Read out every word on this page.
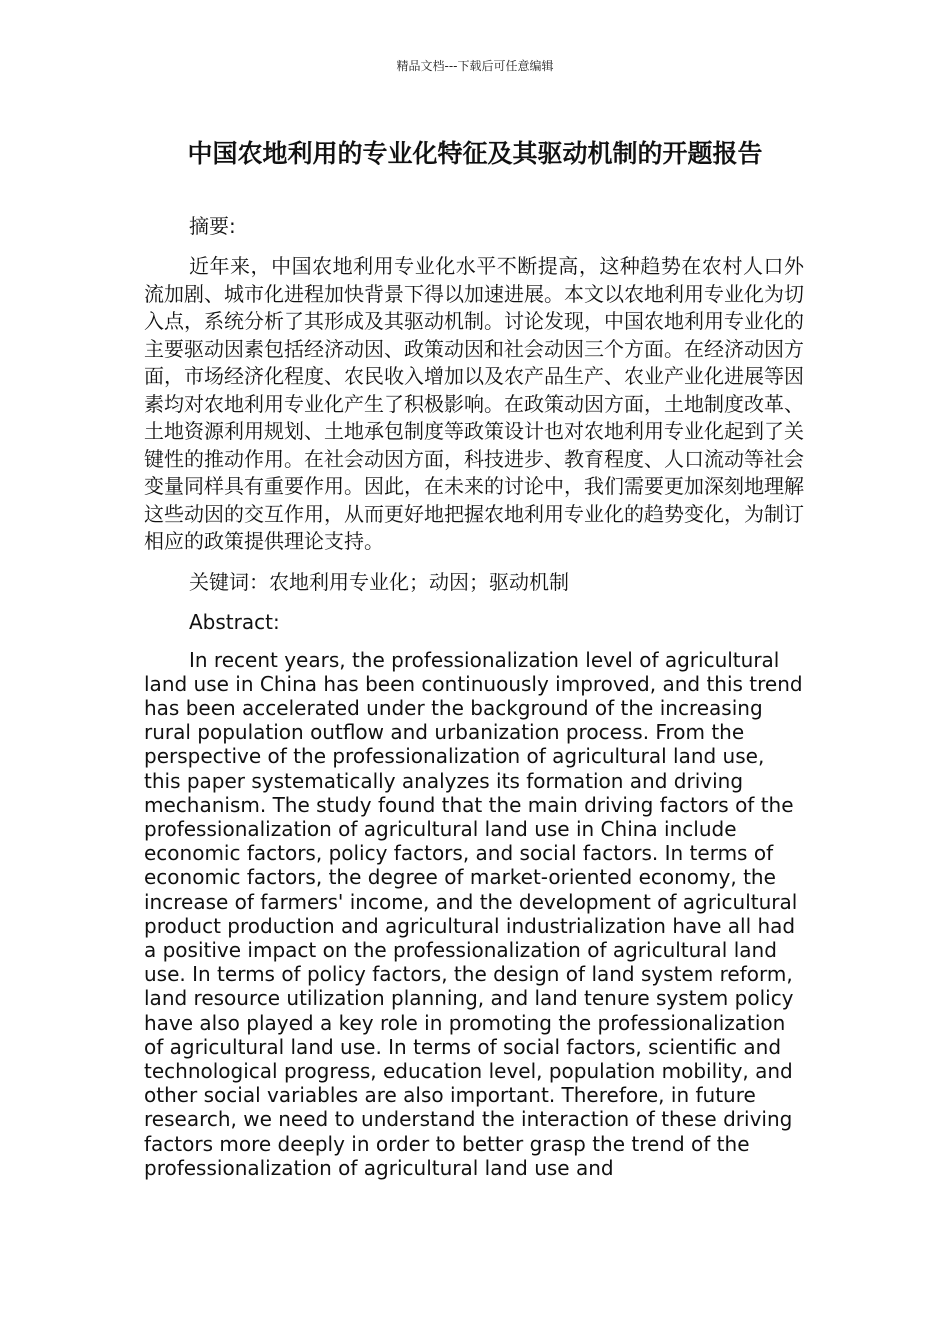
精品文档---下载后可任意编辑
中国农地利用的专业化特征及其驱动机制的开题报告

摘要:

近年来，中国农地利用专业化水平不断提高，这种趋势在农村人口外流加剧、城市化进程加快背景下得以加速进展。本文以农地利用专业化为切入点，系统分析了其形成及其驱动机制。讨论发现，中国农地利用专业化的主要驱动因素包括经济动因、政策动因和社会动因三个方面。在经济动因方面，市场经济化程度、农民收入增加以及农产品生产、农业产业化进展等因素均对农地利用专业化产生了积极影响。在政策动因方面，土地制度改革、土地资源利用规划、土地承包制度等政策设计也对农地利用专业化起到了关键性的推动作用。在社会动因方面，科技进步、教育程度、人口流动等社会变量同样具有重要作用。因此，在未来的讨论中，我们需要更加深刻地理解这些动因的交互作用，从而更好地把握农地利用专业化的趋势变化，为制订相应的政策提供理论支持。

关键词：农地利用专业化；动因；驱动机制

Abstract:

In recent years, the professionalization level of agricultural land use in China has been continuously improved, and this trend has been accelerated under the background of the increasing rural population outflow and urbanization process. From the perspective of the professionalization of agricultural land use, this paper systematically analyzes its formation and driving mechanism. The study found that the main driving factors of the professionalization of agricultural land use in China include economic factors, policy factors, and social factors. In terms of economic factors, the degree of market-oriented economy, the increase of farmers' income, and the development of agricultural product production and agricultural industrialization have all had a positive impact on the professionalization of agricultural land use. In terms of policy factors, the design of land system reform, land resource utilization planning, and land tenure system policy have also played a key role in promoting the professionalization of agricultural land use. In terms of social factors, scientific and technological progress, education level, population mobility, and other social variables are also important. Therefore, in future research, we need to understand the interaction of these driving factors more deeply in order to better grasp the trend of the professionalization of agricultural land use and
